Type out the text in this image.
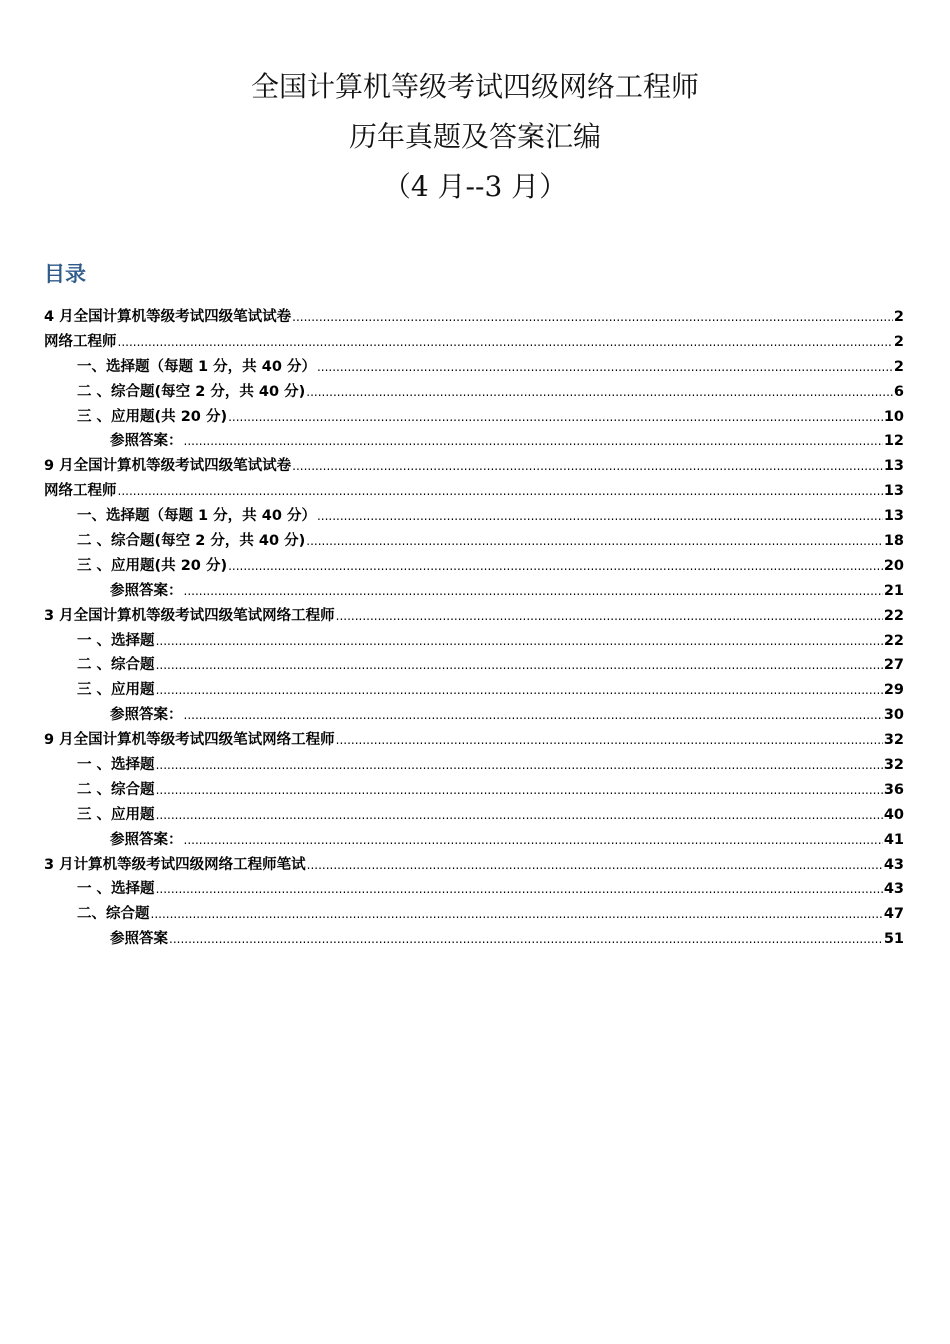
全国计算机等级考试四级网络工程师
历年真题及答案汇编
（4 月--3 月）
目录
4 月全国计算机等级考试四级笔试试卷 .....	2
网络工程师 .....	2
一、选择题（每题 1 分，共 40 分） .....	2
二 、综合题(每空 2 分，共 40 分) .....	6
三 、应用题(共 20 分) .....	10
参照答案： .....	12
9 月全国计算机等级考试四级笔试试卷 .....	13
网络工程师 .....	13
一、选择题（每题 1 分，共 40 分） .....	13
二 、综合题(每空 2 分，共 40 分) .....	18
三 、应用题(共 20 分) .....	20
参照答案： .....	21
3 月全国计算机等级考试四级笔试网络工程师 .....	22
一 、选择题 .....	22
二 、综合题 .....	27
三 、应用题 .....	29
参照答案： .....	30
9 月全国计算机等级考试四级笔试网络工程师 .....	32
一 、选择题 .....	32
二 、综合题 .....	36
三 、应用题 .....	40
参照答案： .....	41
3 月计算机等级考试四级网络工程师笔试 .....	43
一 、选择题 .....	43
二、综合题 .....	47
参照答案 .....	51
